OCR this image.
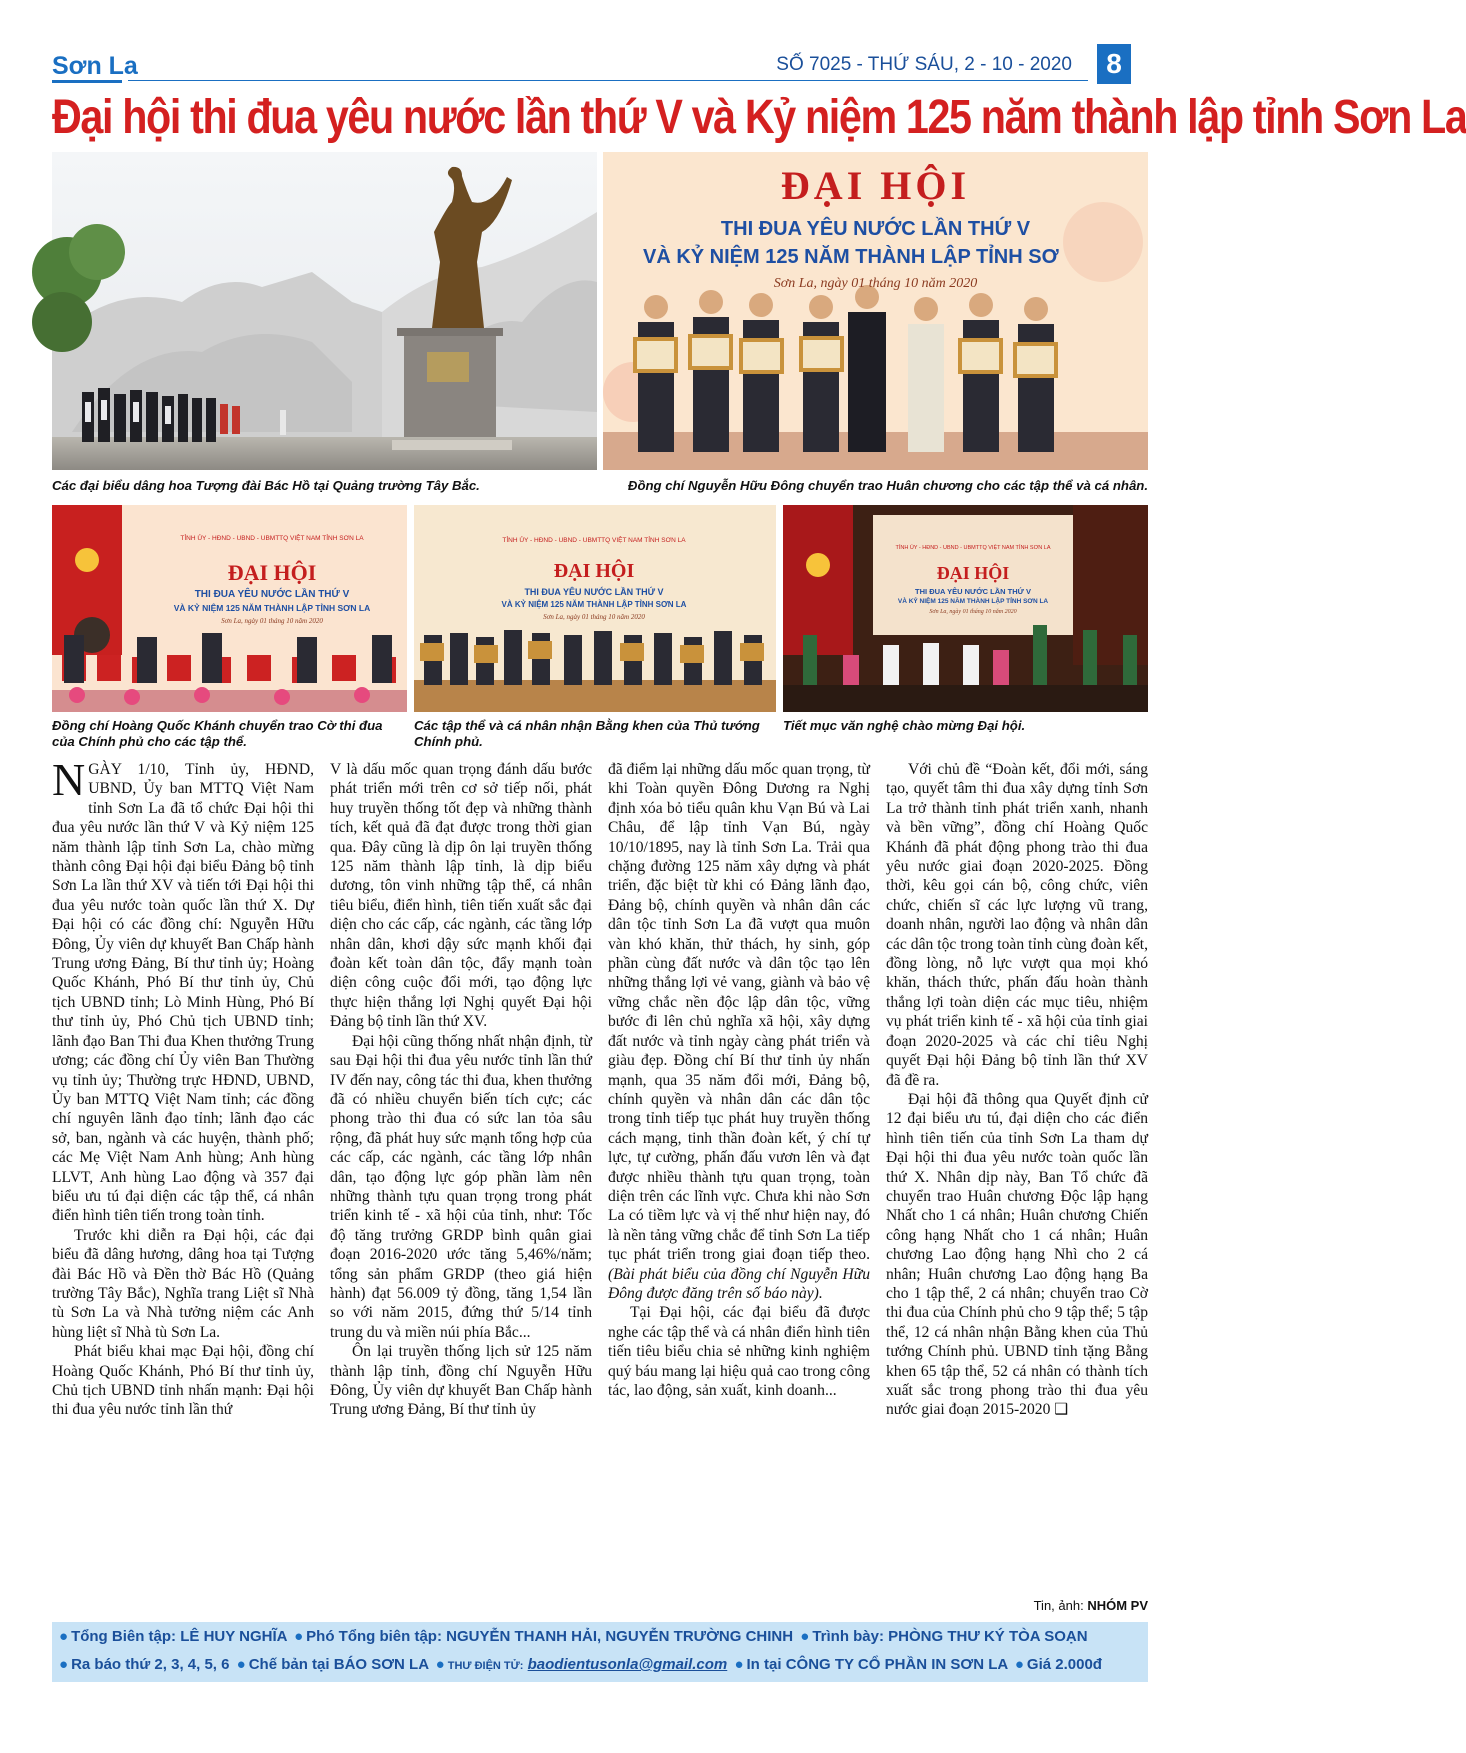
Sơn La	SỐ 7025 - THỨ SÁU, 2 - 10 - 2020	8
Đại hội thi đua yêu nước lần thứ V và Kỷ niệm 125 năm thành lập tỉnh Sơn La
Các đại biểu dâng hoa Tượng đài Bác Hồ tại Quảng trường Tây Bắc.
ĐẠI HỘI
THI ĐUA YÊU NƯỚC LẦN THỨ V
VÀ KỶ NIỆM 125 NĂM THÀNH LẬP TỈNH SƠ
Sơn La, ngày 01 tháng 10 năm 2020
Đồng chí Nguyễn Hữu Đông chuyển trao Huân chương cho các tập thể và cá nhân.
TỈNH ỦY - HĐND - UBND - UBMTTQ VIỆT NAM TỈNH SƠN LA
ĐẠI HỘI
THI ĐUA YÊU NƯỚC LẦN THỨ V
VÀ KỶ NIỆM 125 NĂM THÀNH LẬP TỈNH SƠN LA
Sơn La, ngày 01 tháng 10 năm 2020
Đồng chí Hoàng Quốc Khánh chuyển trao Cờ thi đua của Chính phủ cho các tập thể.
TỈNH ỦY - HĐND - UBND - UBMTTQ VIỆT NAM TỈNH SƠN LA
ĐẠI HỘI
THI ĐUA YÊU NƯỚC LẦN THỨ V
VÀ KỶ NIỆM 125 NĂM THÀNH LẬP TỈNH SƠN LA
Sơn La, ngày 01 tháng 10 năm 2020
Các tập thể và cá nhân nhận Bằng khen của Thủ tướng Chính phủ.
TỈNH ỦY - HĐND - UBND - UBMTTQ VIỆT NAM TỈNH SƠN LA
ĐẠI HỘI
THI ĐUA YÊU NƯỚC LẦN THỨ V
VÀ KỶ NIỆM 125 NĂM THÀNH LẬP TỈNH SƠN LA
Sơn La, ngày 01 tháng 10 năm 2020
Tiết mục văn nghệ chào mừng Đại hội.

NGÀY 1/10, Tỉnh ủy, HĐND, UBND, Ủy ban MTTQ Việt Nam tỉnh Sơn La đã tổ chức Đại hội thi đua yêu nước lần thứ V và Kỷ niệm 125 năm thành lập tỉnh Sơn La, chào mừng thành công Đại hội đại biểu Đảng bộ tỉnh Sơn La lần thứ XV và tiến tới Đại hội thi đua yêu nước toàn quốc lần thứ X. Dự Đại hội có các đồng chí: Nguyễn Hữu Đông, Ủy viên dự khuyết Ban Chấp hành Trung ương Đảng, Bí thư tỉnh ủy; Hoàng Quốc Khánh, Phó Bí thư tỉnh ủy, Chủ tịch UBND tỉnh; Lò Minh Hùng, Phó Bí thư tỉnh ủy, Phó Chủ tịch UBND tỉnh; lãnh đạo Ban Thi đua Khen thưởng Trung ương; các đồng chí Ủy viên Ban Thường vụ tỉnh ủy; Thường trực HĐND, UBND, Ủy ban MTTQ Việt Nam tỉnh; các đồng chí nguyên lãnh đạo tỉnh; lãnh đạo các sở, ban, ngành và các huyện, thành phố; các Mẹ Việt Nam Anh hùng; Anh hùng LLVT, Anh hùng Lao động và 357 đại biểu ưu tú đại diện các tập thể, cá nhân điển hình tiên tiến trong toàn tỉnh.

Trước khi diễn ra Đại hội, các đại biểu đã dâng hương, dâng hoa tại Tượng đài Bác Hồ và Đền thờ Bác Hồ (Quảng trường Tây Bắc), Nghĩa trang Liệt sĩ Nhà tù Sơn La và Nhà tưởng niệm các Anh hùng liệt sĩ Nhà tù Sơn La.

Phát biểu khai mạc Đại hội, đồng chí Hoàng Quốc Khánh, Phó Bí thư tỉnh ủy, Chủ tịch UBND tỉnh nhấn mạnh: Đại hội thi đua yêu nước tỉnh lần thứ

V là dấu mốc quan trọng đánh dấu bước phát triển mới trên cơ sở tiếp nối, phát huy truyền thống tốt đẹp và những thành tích, kết quả đã đạt được trong thời gian qua. Đây cũng là dịp ôn lại truyền thống 125 năm thành lập tỉnh, là dịp biểu dương, tôn vinh những tập thể, cá nhân tiêu biểu, điển hình, tiên tiến xuất sắc đại diện cho các cấp, các ngành, các tầng lớp nhân dân, khơi dậy sức mạnh khối đại đoàn kết toàn dân tộc, đẩy mạnh toàn diện công cuộc đổi mới, tạo động lực thực hiện thắng lợi Nghị quyết Đại hội Đảng bộ tỉnh lần thứ XV.

Đại hội cũng thống nhất nhận định, từ sau Đại hội thi đua yêu nước tỉnh lần thứ IV đến nay, công tác thi đua, khen thưởng đã có nhiều chuyển biến tích cực; các phong trào thi đua có sức lan tỏa sâu rộng, đã phát huy sức mạnh tổng hợp của các cấp, các ngành, các tầng lớp nhân dân, tạo động lực góp phần làm nên những thành tựu quan trọng trong phát triển kinh tế - xã hội của tỉnh, như: Tốc độ tăng trưởng GRDP bình quân giai đoạn 2016-2020 ước tăng 5,46%/năm; tổng sản phẩm GRDP (theo giá hiện hành) đạt 56.009 tỷ đồng, tăng 1,54 lần so với năm 2015, đứng thứ 5/14 tỉnh trung du và miền núi phía Bắc...

Ôn lại truyền thống lịch sử 125 năm thành lập tỉnh, đồng chí Nguyễn Hữu Đông, Ủy viên dự khuyết Ban Chấp hành Trung ương Đảng, Bí thư tỉnh ủy

đã điểm lại những dấu mốc quan trọng, từ khi Toàn quyền Đông Dương ra Nghị định xóa bỏ tiểu quân khu Vạn Bú và Lai Châu, để lập tỉnh Vạn Bú, ngày 10/10/1895, nay là tỉnh Sơn La. Trải qua chặng đường 125 năm xây dựng và phát triển, đặc biệt từ khi có Đảng lãnh đạo, Đảng bộ, chính quyền và nhân dân các dân tộc tỉnh Sơn La đã vượt qua muôn vàn khó khăn, thử thách, hy sinh, góp phần cùng đất nước và dân tộc tạo lên những thắng lợi vẻ vang, giành và bảo vệ vững chắc nền độc lập dân tộc, vững bước đi lên chủ nghĩa xã hội, xây dựng đất nước và tỉnh ngày càng phát triển và giàu đẹp. Đồng chí Bí thư tỉnh ủy nhấn mạnh, qua 35 năm đổi mới, Đảng bộ, chính quyền và nhân dân các dân tộc trong tỉnh tiếp tục phát huy truyền thống cách mạng, tinh thần đoàn kết, ý chí tự lực, tự cường, phấn đấu vươn lên và đạt được nhiều thành tựu quan trọng, toàn diện trên các lĩnh vực. Chưa khi nào Sơn La có tiềm lực và vị thế như hiện nay, đó là nền tảng vững chắc để tỉnh Sơn La tiếp tục phát triển trong giai đoạn tiếp theo. (Bài phát biểu của đồng chí Nguyễn Hữu Đông được đăng trên số báo này).

Tại Đại hội, các đại biểu đã được nghe các tập thể và cá nhân điển hình tiên tiến tiêu biểu chia sẻ những kinh nghiệm quý báu mang lại hiệu quả cao trong công tác, lao động, sản xuất, kinh doanh...

Với chủ đề “Đoàn kết, đổi mới, sáng tạo, quyết tâm thi đua xây dựng tỉnh Sơn La trở thành tỉnh phát triển xanh, nhanh và bền vững”, đồng chí Hoàng Quốc Khánh đã phát động phong trào thi đua yêu nước giai đoạn 2020-2025. Đồng thời, kêu gọi cán bộ, công chức, viên chức, chiến sĩ các lực lượng vũ trang, doanh nhân, người lao động và nhân dân các dân tộc trong toàn tỉnh cùng đoàn kết, đồng lòng, nỗ lực vượt qua mọi khó khăn, thách thức, phấn đấu hoàn thành thắng lợi toàn diện các mục tiêu, nhiệm vụ phát triển kinh tế - xã hội của tỉnh giai đoạn 2020-2025 và các chỉ tiêu Nghị quyết Đại hội Đảng bộ tỉnh lần thứ XV đã đề ra.

Đại hội đã thông qua Quyết định cử 12 đại biểu ưu tú, đại diện cho các điển hình tiên tiến của tỉnh Sơn La tham dự Đại hội thi đua yêu nước toàn quốc lần thứ X. Nhân dịp này, Ban Tổ chức đã chuyển trao Huân chương Độc lập hạng Nhất cho 1 cá nhân; Huân chương Chiến công hạng Nhất cho 1 cá nhân; Huân chương Lao động hạng Nhì cho 2 cá nhân; Huân chương Lao động hạng Ba cho 1 tập thể, 2 cá nhân; chuyển trao Cờ thi đua của Chính phủ cho 9 tập thể; 5 tập thể, 12 cá nhân nhận Bằng khen của Thủ tướng Chính phủ. UBND tỉnh tặng Bằng khen 65 tập thể, 52 cá nhân có thành tích xuất sắc trong phong trào thi đua yêu nước giai đoạn 2015-2020 ❑

Tin, ảnh: NHÓM PV
● Tổng Biên tập: LÊ HUY NGHĨA ● Phó Tổng biên tập: NGUYỄN THANH HẢI, NGUYỄN TRƯỜNG CHINH ● Trình bày: PHÒNG THƯ KÝ TÒA SOẠN
● Ra báo thứ 2, 3, 4, 5, 6 ● Chế bản tại BÁO SƠN LA ● THƯ ĐIỆN TỬ: baodientusonla@gmail.com ● In tại CÔNG TY CỔ PHẦN IN SƠN LA ● Giá 2.000đ
